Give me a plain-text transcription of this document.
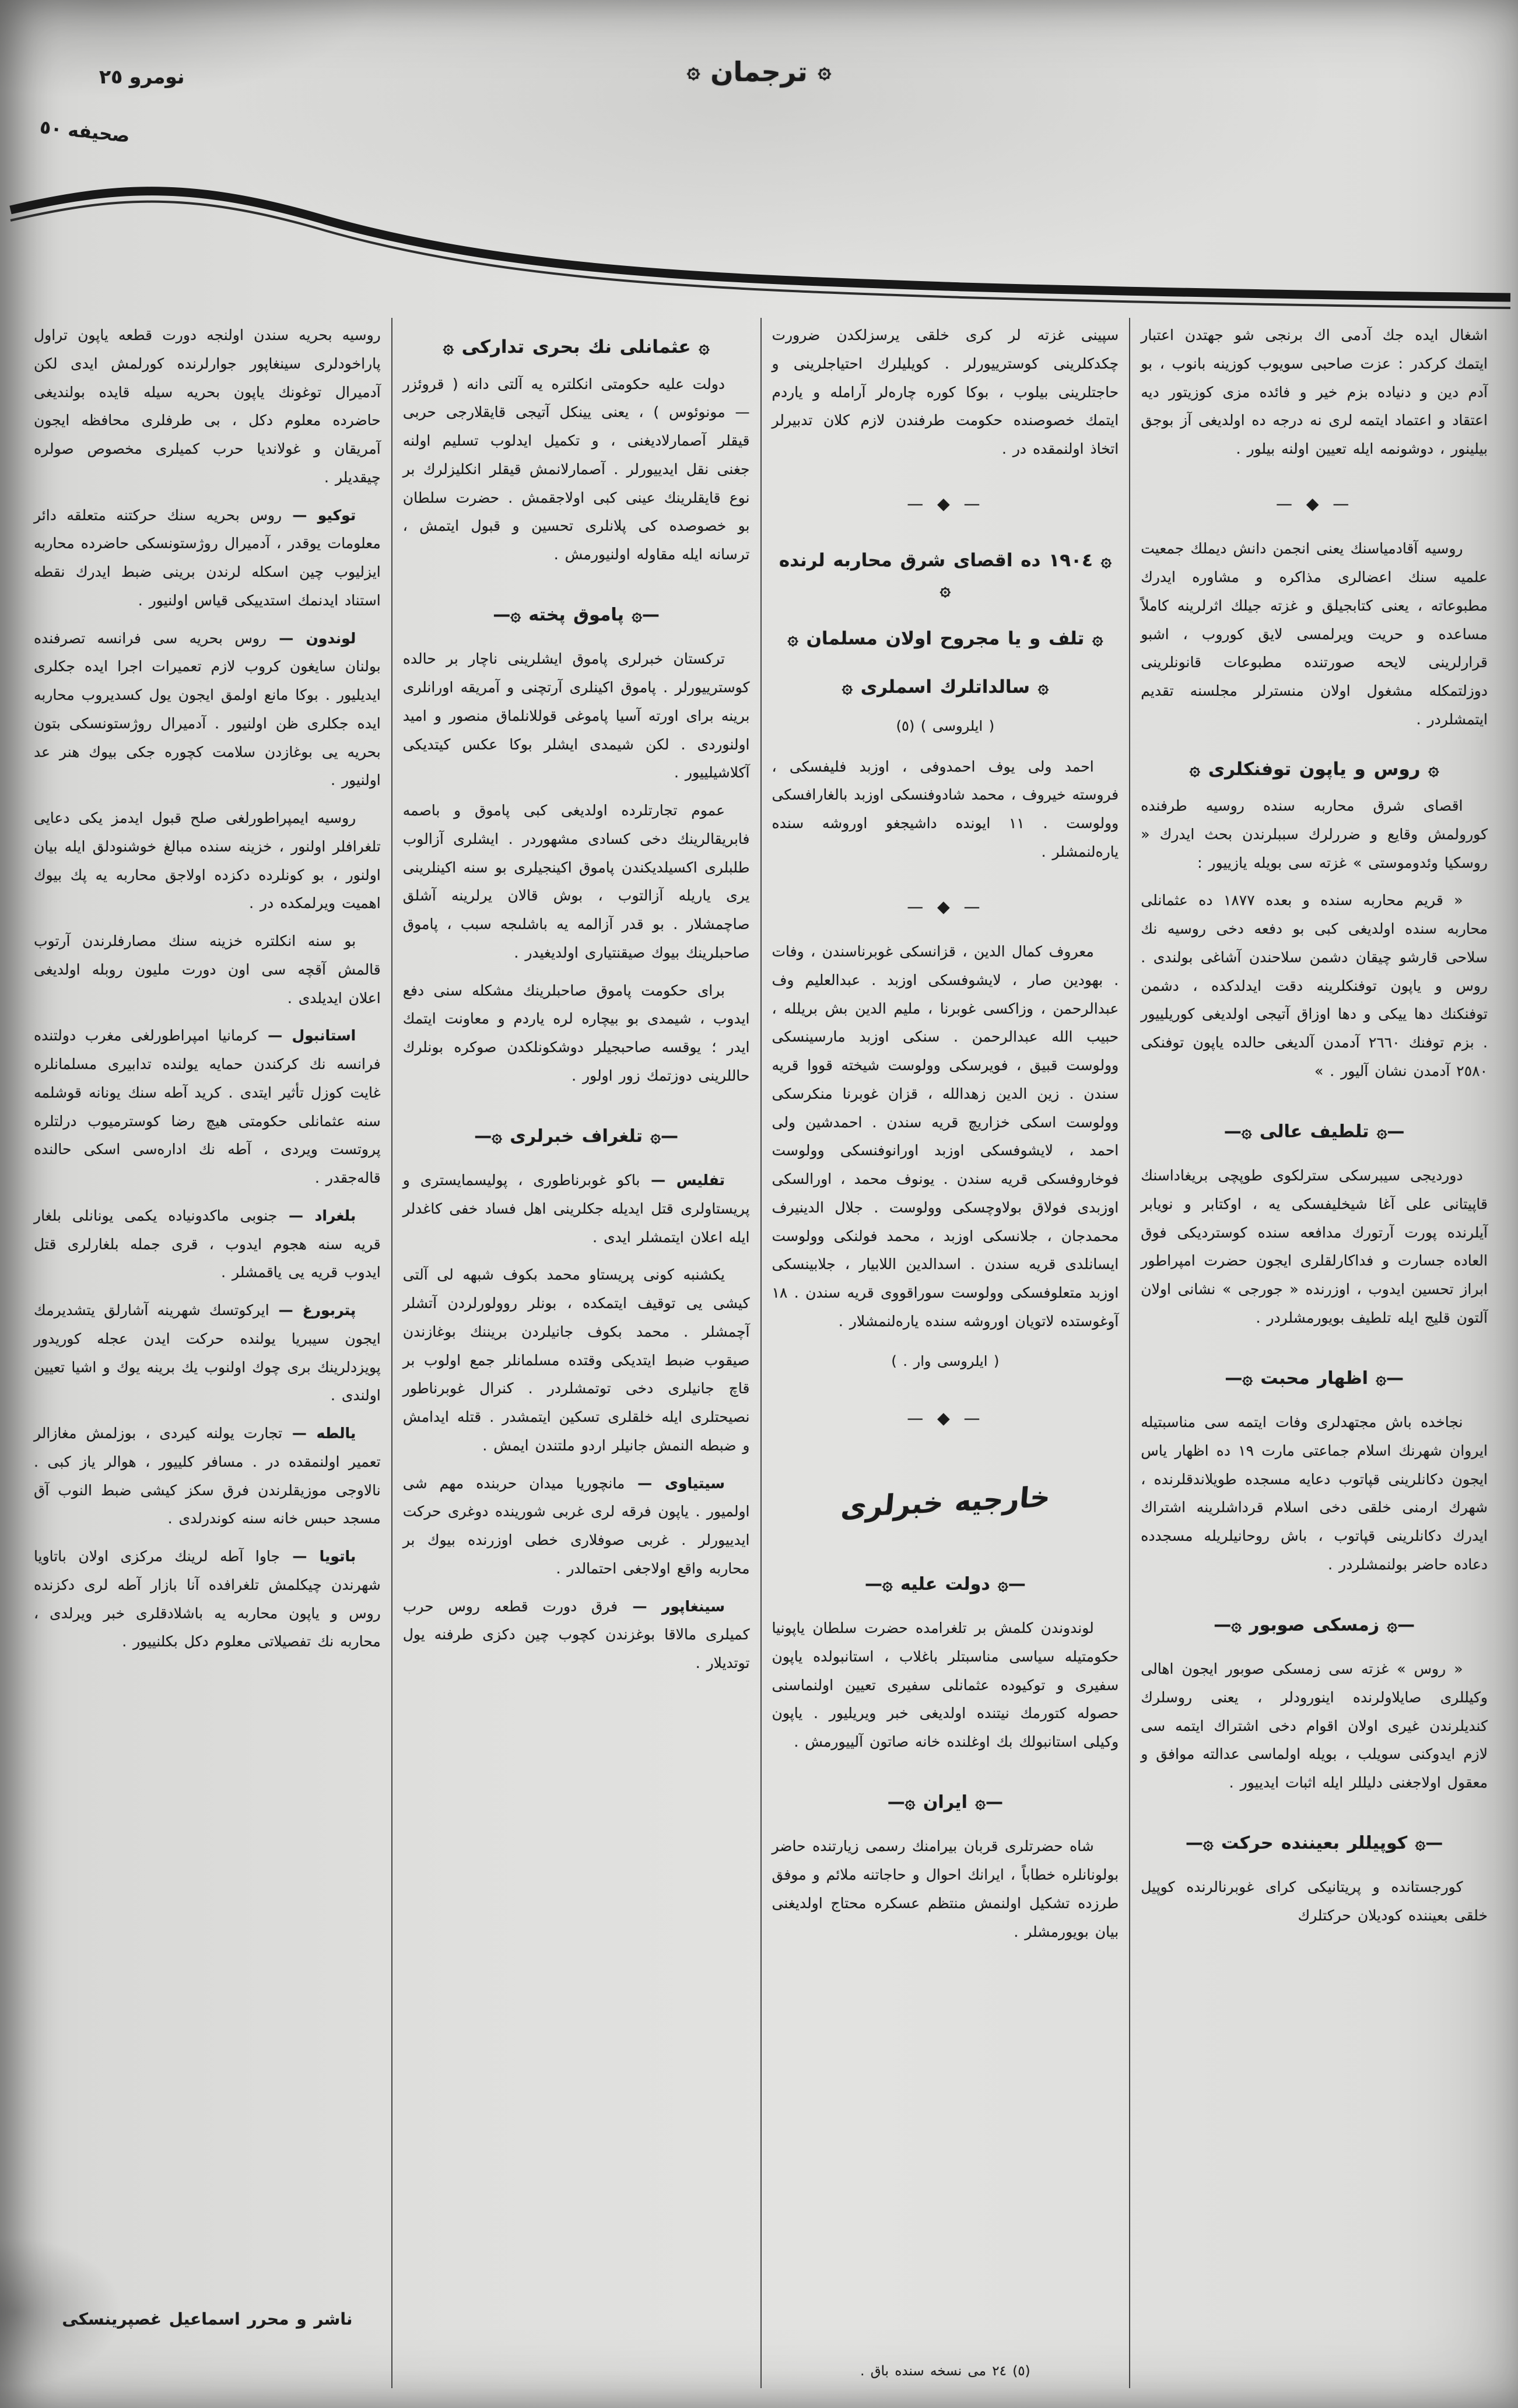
صحيفه ٥٠
۞ترجمان۞
نومرو ٢٥

اشغال ايده جك آدمى اك برنجى شو جهتدن اعتبار ايتمك كركدر : عزت صاحبى سويوب كوزينه بانوب ، بو آدم دين و دنياده بزم خير و فائده مزى كوزيتور ديه اعتقاد و اعتماد ايتمه لرى نه درجه ده اولديغى آز بوجق بيلينور ، دوشونمه ايله تعيين اولنه بيلور .

— ◆ —

روسيه آقادمياسنك يعنى انجمن دانش ديملك جمعيت علميه سنك اعضالرى مذاكره و مشاوره ايدرك مطبوعاته ، يعنى كتابجيلق و غزته جيلك اثرلرينه كاملاً مساعده و حريت ويرلمسى لايق كوروب ، اشبو قرارلرينى لايحه صورتنده مطبوعات قانونلرينى دوزلتمكله مشغول اولان منسترلر مجلسنه تقديم ايتمشلردر .

۞ روس و ياپون توفنكلرى ۞

اقصاى شرق محاربه سنده روسيه طرفنده كورولمش وقايع و ضررلرك سببلرندن بحث ايدرك « روسكيا وئدوموستى » غزته سى بويله يازييور :

« قريم محاربه سنده و بعده ١٨٧٧ ده عثمانلى محاربه سنده اولديغى كبى بو دفعه دخى روسيه نك سلاحى قارشو چيقان دشمن سلاحندن آشاغى بولندى . روس و ياپون توفنكلرينه دقت ايدلدكده ، دشمن توفنكنك دها ييكى و دها اوزاق آتيجى اولديغى كوريلييور . بزم توفنك ٢٦٦٠ آدمدن آلديغى حالده ياپون توفنكى ٢٥٨٠ آدمدن نشان آليور . »

—۞ تلطيف عالى ۞—

دورديجى سيبرسكى سترلكوى طوپچى بريغاداسنك قاپيتانى على آغا شيخليفسكى يه ، اوكتابر و نويابر آيلرنده پورت آرتورك مدافعه سنده كوستردیكى فوق العاده جسارت و فداكارلقلرى ايجون حضرت امپراطور ابراز تحسين ايدوب ، اوزرنده « جورجى » نشانى اولان آلتون قليج ايله تلطيف بويورمشلردر .

—۞ اظهار محبت ۞—

نجاخده باش مجتهدلرى وفات ايتمه سى مناسبتيله ايروان شهرنك اسلام جماعتى مارت ١٩ ده اظهار ياس ايجون دكانلرينى قپاتوب دعايه مسجده طويلاندقلرنده ، شهرك ارمنى خلقى دخى اسلام قرداشلرينه اشتراك ايدرك دكانلرينى قپاتوب ، باش روحانيلريله مسجدده دعاده حاضر بولنمشلردر .

—۞ زمسكى صوبور ۞—

« روس » غزته سى زمسكى صوبور ايجون اهالى وكيللرى صايلاولرنده اينورودلر ، يعنى روسلرك كنديلرندن غيرى اولان اقوام دخى اشتراك ايتمه سى لازم ايدوكنى سويلب ، بويله اولماسى عدالته موافق و معقول اولاجغنى دليللر ايله اثبات ايدييور .

—۞ كوپيللر بعيننده حركت ۞—

كورجستانده و پريتانيكى كراى غوبرنالرنده كوپيل خلقى بعيننده كوديلان حركتلرك

سپينى غزته لر كرى خلقى يرسزلكدن ضرورت چكدكلرينى كوسترييورلر . كويليلرك احتياجلرينى و حاجتلرينى بيلوب ، بوكا كوره چارەلر آرامله و ياردم ايتمك خصوصنده حكومت طرفندن لازم كلان تدبيرلر اتخاذ اولنمقده در .

— ◆ —
۞ ١٩٠٤ ده اقصاى شرق محاربه لرنده ۞
۞ تلف و يا مجروح اولان مسلمان ۞
۞ سالداتلرك اسملرى ۞
( ايلروسى ) (٥)

احمد ولى يوف احمدوفى ، اوزبد فليفسكى ، فروسته خيروف ، محمد شادوفنسكى اوزبد بالغارافسكى وولوست . ١١ ايونده داشيجغو اوروشه سنده يارەلنمشلر .

— ◆ —

معروف كمال الدين ، قزانسكى غوبرناسندن ، وفات . بهودين صار ، لايشوفسكى اوزبد . عبدالعليم وف عبدالرحمن ، وزاكسى غوبرنا ، مليم الدين بش بريلله ، حبيب الله عبدالرحمن . سنكى اوزبد مارسينسكى وولوست قبيق ، فويرسكى وولوست شيخته قووا قريه سندن . زين الدين زهدالله ، قزان غوبرنا منكرسكى وولوست اسكى خزاريچ قريه سندن . احمدشين ولى احمد ، لايشوفسكى اوزبد اورانوفنسكى وولوست فوخاروفسكى قريه سندن . يونوف محمد ، اورالسكى اوزبدى فولاق بولاوچسكى وولوست . جلال الدينيرف محمدجان ، جلانسكى اوزبد ، محمد فولنكى وولوست ايسانلدى قريه سندن . اسدالدين اللابيار ، جلابينسكى اوزبد متعلوفسكى وولوست سوراقووى قريه سندن . ١٨ آوغوستده لاتويان اوروشه سنده يارەلنمشلار .

( ايلروسى وار . )
— ◆ —
خارجيه خبرلرى
—۞ دولت عليه ۞—

لوندوندن كلمش بر تلغرامده حضرت سلطان ياپونيا حكومتيله سياسى مناسبتلر باغلاب ، استانبولده ياپون سفيرى و توكيوده عثمانلى سفيرى تعيين اولنماسنى حصوله كتورمك نيتنده اولديغى خبر ويريليور . ياپون وكيلى استانبولك بك اوغلنده خانه صاتون آلييورمش .

—۞ ايران ۞—

شاه حضرتلرى قربان بيرامنك رسمى زيارتنده حاضر بولونانلره خطاباً ، ايرانك احوال و حاجاتنه ملائم و موفق طرزده تشكيل اولنمش منتظم عسكره محتاج اولديغنى بيان بويورمشلر .

(٥) ٢٤ مى نسخه سنده باق .
۞ عثمانلى نك بحرى تداركى ۞

دولت عليه حكومتى انكلتره يه آلتى دانه ( قروئزر — مونوئوس ) ، يعنى يينكل آتيجى قايقلارجى حربى قيقلر آصمارلاديغنى ، و تكميل ايدلوب تسليم اولنه جغنى نقل ايدييورلر . آصمارلانمش قيقلر انكليزلرك بر نوع قايقلرينك عينى كبى اولاجقمش . حضرت سلطان بو خصوصده كى پلانلرى تحسين و قبول ايتمش ، ترسانه ايله مقاوله اولنيورمش .

—۞ پاموق پخته ۞—

تركستان خبرلرى پاموق ايشلرينى ناچار بر حالده كوسترييورلر . پاموق اكينلرى آرتچنى و آمريقه اورانلرى برينه براى اورته آسيا پاموغى قوللانلماق منصور و اميد اولنوردى . لكن شيمدى ايشلر بوكا عكس كيتديكى آكلاشيلييور .

عموم تجارتلرده اولديغى كبى پاموق و باصمه فابريقالرينك دخى كسادى مشهوردر . ايشلرى آزالوب طلبلرى اكسيلديكندن پاموق اكينجيلرى بو سنه اكينلرينى يرى ياريله آزالتوب ، بوش قالان يرلرينه آشلق صاچمشلار . بو قدر آزالمه يه باشلىجه سبب ، پاموق صاحبلرينك بيوك صيقنتيارى اولديغيدر .

براى حكومت پاموق صاحبلرينك مشكلە سنى دفع ايدوب ، شيمدى بو بيچاره لره ياردم و معاونت ايتمك ايدر ؛ يوقسه صاحبجيلر دوشكونلكدن صوكره بونلرك حاللرينى دوزتمك زور اولور .

—۞ تلغراف خبرلرى ۞—

تفليس — باكو غوبرناطورى ، پوليسمايسترى و پريستاولرى قتل ايديله جكلرينى اهل فساد خفى كاغدلر ايله اعلان ايتمشلر ايدى .

يكشنبه كونى پريستاو محمد بكوف شبهه لى آلتى كيشى يى توقيف ايتمكده ، بونلر روولورلردن آتشلر آچمشلر . محمد بكوف جانيلردن بريننك بوغازندن صيقوب ضبط ايتديكى وقتده مسلمانلر جمع اولوب بر قاچ جانيلرى دخى توتمشلردر . كنرال غوبرناطور نصيحتلرى ايله خلقلرى تسكين ايتمشدر . قتله ايدامش و ضبطه النمش جانيلر اردو ملتندن ايمش .

سيتياوى — مانچوريا ميدان حربنده مهم شى اولميور . ياپون فرقه لرى غربى شورينده دوغرى حركت ايدييورلر . غربى صوفلارى خطى اوزرنده بيوك بر محاربه واقع اولاجغى احتمالدر .

سينغاپور — فرق دورت قطعه روس حرب كميلرى مالاقا بوغزندن كچوب چين دكزى طرفنه يول توتديلار .

روسيه بحريه سندن اولنجه دورت قطعه ياپون تراول پاراخودلرى سينغاپور جوارلرنده كورلمش ايدى لكن آدميرال توغونك ياپون بحريه سيله قايده بولنديغى حاضرده معلوم دكل ، بى طرفلرى محافظه ايجون آمريقان و غولانديا حرب كميلرى مخصوص صولره چيقديلر .

توكيو — روس بحريه سنك حركتنه متعلقه دائر معلومات يوقدر ، آدميرال روژستونسكى حاضرده محاربه ايزليوب چين اسكله لرندن برينى ضبط ايدرك نقطه استناد ايدنمك استدييكى قياس اولنيور .

لوندون — روس بحريه سى فرانسه تصرفنده بولنان سايغون كروب لازم تعميرات اجرا ايده جكلرى ايديليور . بوكا مانع اولمق ايجون يول كسديروب محاربه ايده جكلرى ظن اولنيور . آدميرال روژستونسكى بتون بحريه يى بوغازدن سلامت كچوره جكى بيوك هنر عد اولنيور .

روسيه ايمپراطورلغى صلح قبول ايدمز يكى دعايى تلغرافلر اولنور ، خزينه سنده مبالغ خوشنودلق ايله بيان اولنور ، بو كونلرده دكزده اولاجق محاربه يه پك بيوك اهميت ويرلمكده در .

بو سنه انكلتره خزينه سنك مصارفلرندن آرتوب قالمش آقچه سى اون دورت مليون روبله اولديغى اعلان ايديلدى .

استانبول — كرمانيا امپراطورلغى مغرب دولتنده فرانسه نك كركندن حمايه يولنده تدابيرى مسلمانلره غايت كوزل تأثير ايتدى . كريد آطه سنك يونانه قوشلمه سنه عثمانلى حكومتى هيچ رضا كوسترميوب درلتلره پروتست ويردى ، آطه نك ادارەسى اسكى حالنده قالەجقدر .

بلغراد — جنوبى ماكدونياده يكمى يونانلى بلغار قريه سنه هجوم ايدوب ، قرى جمله بلغارلرى قتل ايدوب قريه يى ياقمشلر .

پتربورغ — ايركوتسك شهرينه آشارلق يتشديرمك ايجون سيبريا يولنده حركت ايدن عجله كوريدور پويزدلرينك برى چوك اولنوب يك برينه يوك و اشيا تعيين اولندى .

يالطه — تجارت يولنه كيردى ، بوزلمش مغازالر تعمير اولنمقده در . مسافر كلييور ، هوالر ياز كبى . نالاوجى موزيقلرندن فرق سكز كيشى ضبط النوب آق مسجد حبس خانه سنه كوندرلدى .

باتويا — جاوا آطه لرينك مركزى اولان باتاويا شهرندن چيكلمش تلغرافده آنا بازار آطه لرى دكزنده روس و ياپون محاربه يه باشلادقلرى خبر ويرلدى ، محاربه نك تفصيلاتى معلوم دكل بكلنييور .

ناشر و محرر اسماعيل غصپرينسكى
